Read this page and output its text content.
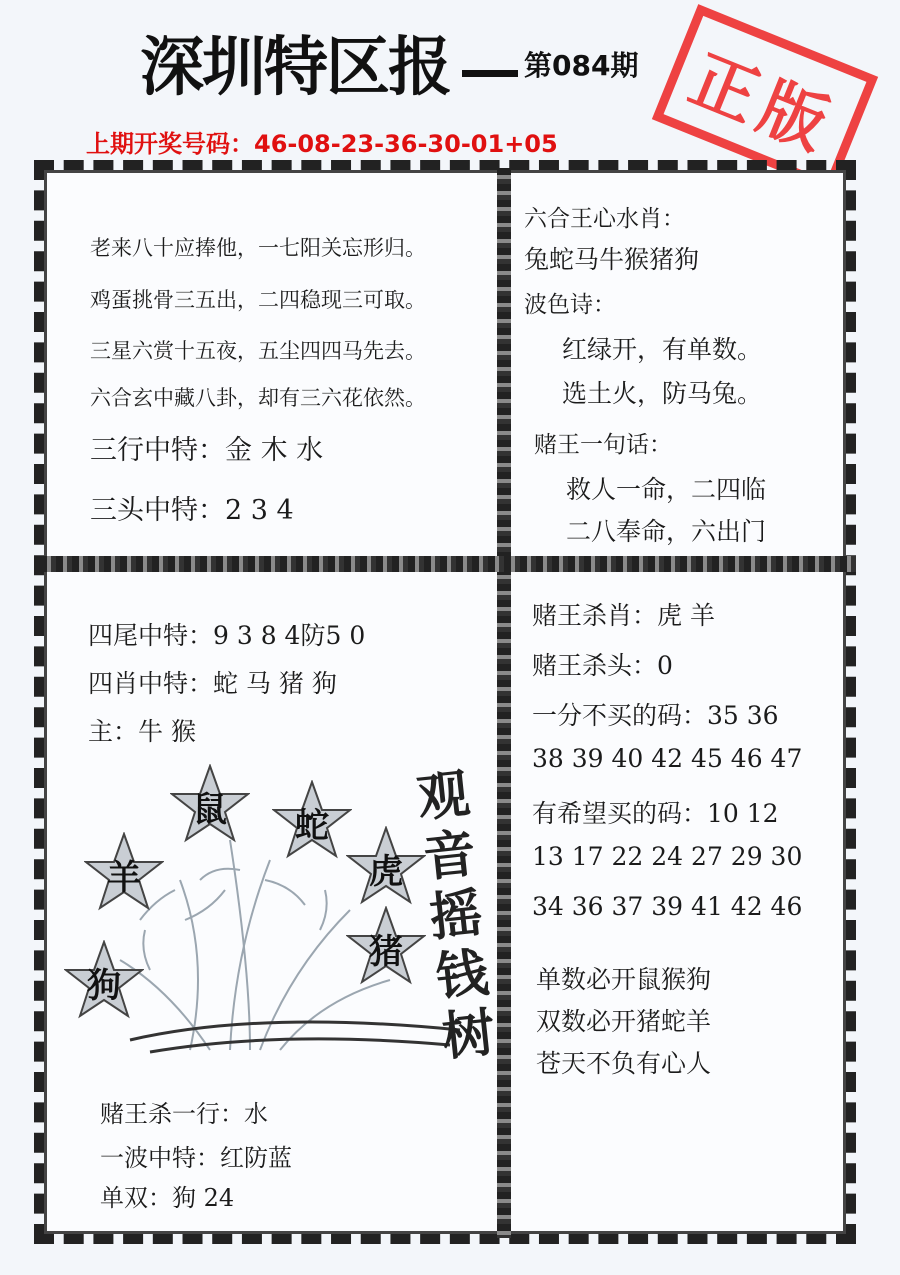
深圳特区报	第084期 正版
上期开奖号码：46-08-23-36-30-01+05
老来八十应捧他，一七阳关忘形归。
鸡蛋挑骨三五出，二四稳现三可取。
三星六赏十五夜，五尘四四马先去。
六合玄中藏八卦，却有三六花依然。
三行中特：金 木 水
三头中特：2 3 4
六合王心水肖：
兔蛇马牛猴猪狗
波色诗：
红绿开，有单数。
选土火，防马兔。
赌王一句话：
救人一命，二四临
二八奉命，六出门
四尾中特：9 3 8 4防5 0
四肖中特：蛇 马 猪 狗
主：牛 猴
鼠	蛇
羊	虎
猪
狗
观音摇钱树
赌王杀一行：水
一波中特：红防蓝
单双：狗 24
赌王杀肖：虎 羊
赌王杀头：0
一分不买的码：35 36
38 39 40 42 45 46 47
有希望买的码：10 12
13 17 22 24 27 29 30
34 36 37 39 41 42 46
单数必开鼠猴狗
双数必开猪蛇羊
苍天不负有心人
